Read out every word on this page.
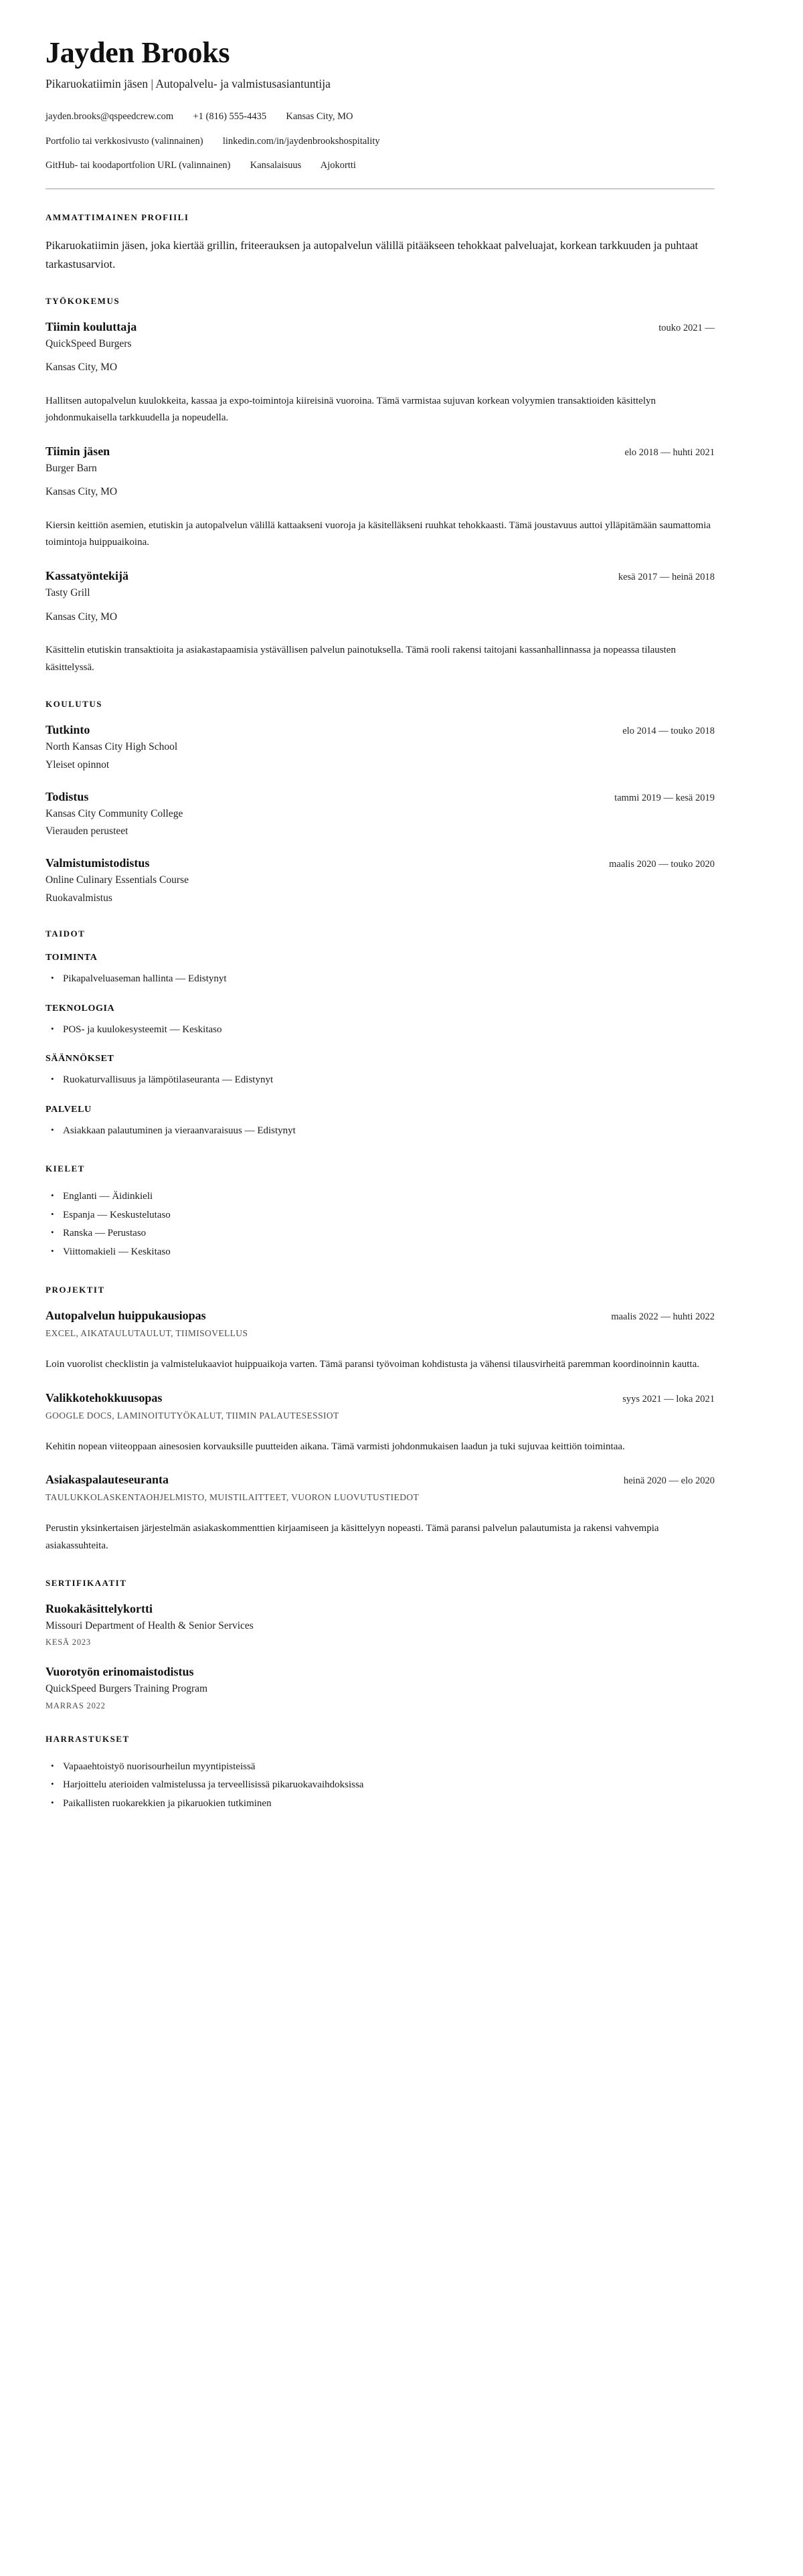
Jayden Brooks

Pikaruokatiimin jäsen | Autopalvelu- ja valmistusasiantuntija

jayden.brooks@qspeedcrew.com +1 (816) 555-4435 Kansas City, MO
Portfolio tai verkkosivusto (valinnainen) linkedin.com/in/jaydenbrookshospitality
GitHub- tai koodaportfolion URL (valinnainen) Kansalaisuus Ajokortti
AMMATTIMAINEN PROFIILI

Pikaruokatiimin jäsen, joka kiertää grillin, friteerauksen ja autopalvelun välillä pitääkseen tehokkaat palveluajat, korkean tarkkuuden ja puhtaat tarkastusarviot.

TYÖKOKEMUS
Tiimin kouluttaja	touko 2021 —

QuickSpeed Burgers

Kansas City, MO

Hallitsen autopalvelun kuulokkeita, kassaa ja expo-toimintoja kiireisinä vuoroina. Tämä varmistaa sujuvan korkean volyymien transaktioiden käsittelyn johdonmukaisella tarkkuudella ja nopeudella.

Tiimin jäsen	elo 2018 — huhti 2021

Burger Barn

Kansas City, MO

Kiersin keittiön asemien, etutiskin ja autopalvelun välillä kattaakseni vuoroja ja käsitelläkseni ruuhkat tehokkaasti. Tämä joustavuus auttoi ylläpitämään saumattomia toimintoja huippuaikoina.

Kassatyöntekijä	kesä 2017 — heinä 2018

Tasty Grill

Kansas City, MO

Käsittelin etutiskin transaktioita ja asiakastapaamisia ystävällisen palvelun painotuksella. Tämä rooli rakensi taitojani kassanhallinnassa ja nopeassa tilausten käsittelyssä.

KOULUTUS
Tutkinto	elo 2014 — touko 2018

North Kansas City High School

Yleiset opinnot

Todistus	tammi 2019 — kesä 2019

Kansas City Community College

Vierauden perusteet

Valmistumistodistus	maalis 2020 — touko 2020

Online Culinary Essentials Course

Ruokavalmistus

TAIDOT
TOIMINTA
• Pikapalveluaseman hallinta — Edistynyt
TEKNOLOGIA
• POS- ja kuulokesysteemit — Keskitaso
SÄÄNNÖKSET
• Ruokaturvallisuus ja lämpötilaseuranta — Edistynyt
PALVELU
• Asiakkaan palautuminen ja vieraanvaraisuus — Edistynyt
KIELET
• Englanti — Äidinkieli
• Espanja — Keskustelutaso
• Ranska — Perustaso
• Viittomakieli — Keskitaso
PROJEKTIT
Autopalvelun huippukausiopas	maalis 2022 — huhti 2022

EXCEL, AIKATAULUTAULUT, TIIMISOVELLUS

Loin vuorolist checklistin ja valmistelukaaviot huippuaikoja varten. Tämä paransi työvoiman kohdistusta ja vähensi tilausvirheitä paremman koordinoinnin kautta.

Valikkotehokkuusopas	syys 2021 — loka 2021

GOOGLE DOCS, LAMINOITUTYÖKALUT, TIIMIN PALAUTESESSIOT

Kehitin nopean viiteoppaan ainesosien korvauksille puutteiden aikana. Tämä varmisti johdonmukaisen laadun ja tuki sujuvaa keittiön toimintaa.

Asiakaspalauteseuranta	heinä 2020 — elo 2020

TAULUKKOLASKENTAOHJELMISTO, MUISTILAITTEET, VUORON LUOVUTUSTIEDOT

Perustin yksinkertaisen järjestelmän asiakaskommenttien kirjaamiseen ja käsittelyyn nopeasti. Tämä paransi palvelun palautumista ja rakensi vahvempia asiakassuhteita.

SERTIFIKAATIT
Ruokakäsittelykortti

Missouri Department of Health & Senior Services

KESÄ 2023

Vuorotyön erinomaistodistus

QuickSpeed Burgers Training Program

MARRAS 2022

HARRASTUKSET
• Vapaaehtoistyö nuorisourheilun myyntipisteissä
• Harjoittelu aterioiden valmistelussa ja terveellisissä pikaruokavaihdoksissa
• Paikallisten ruokarekkien ja pikaruokien tutkiminen
